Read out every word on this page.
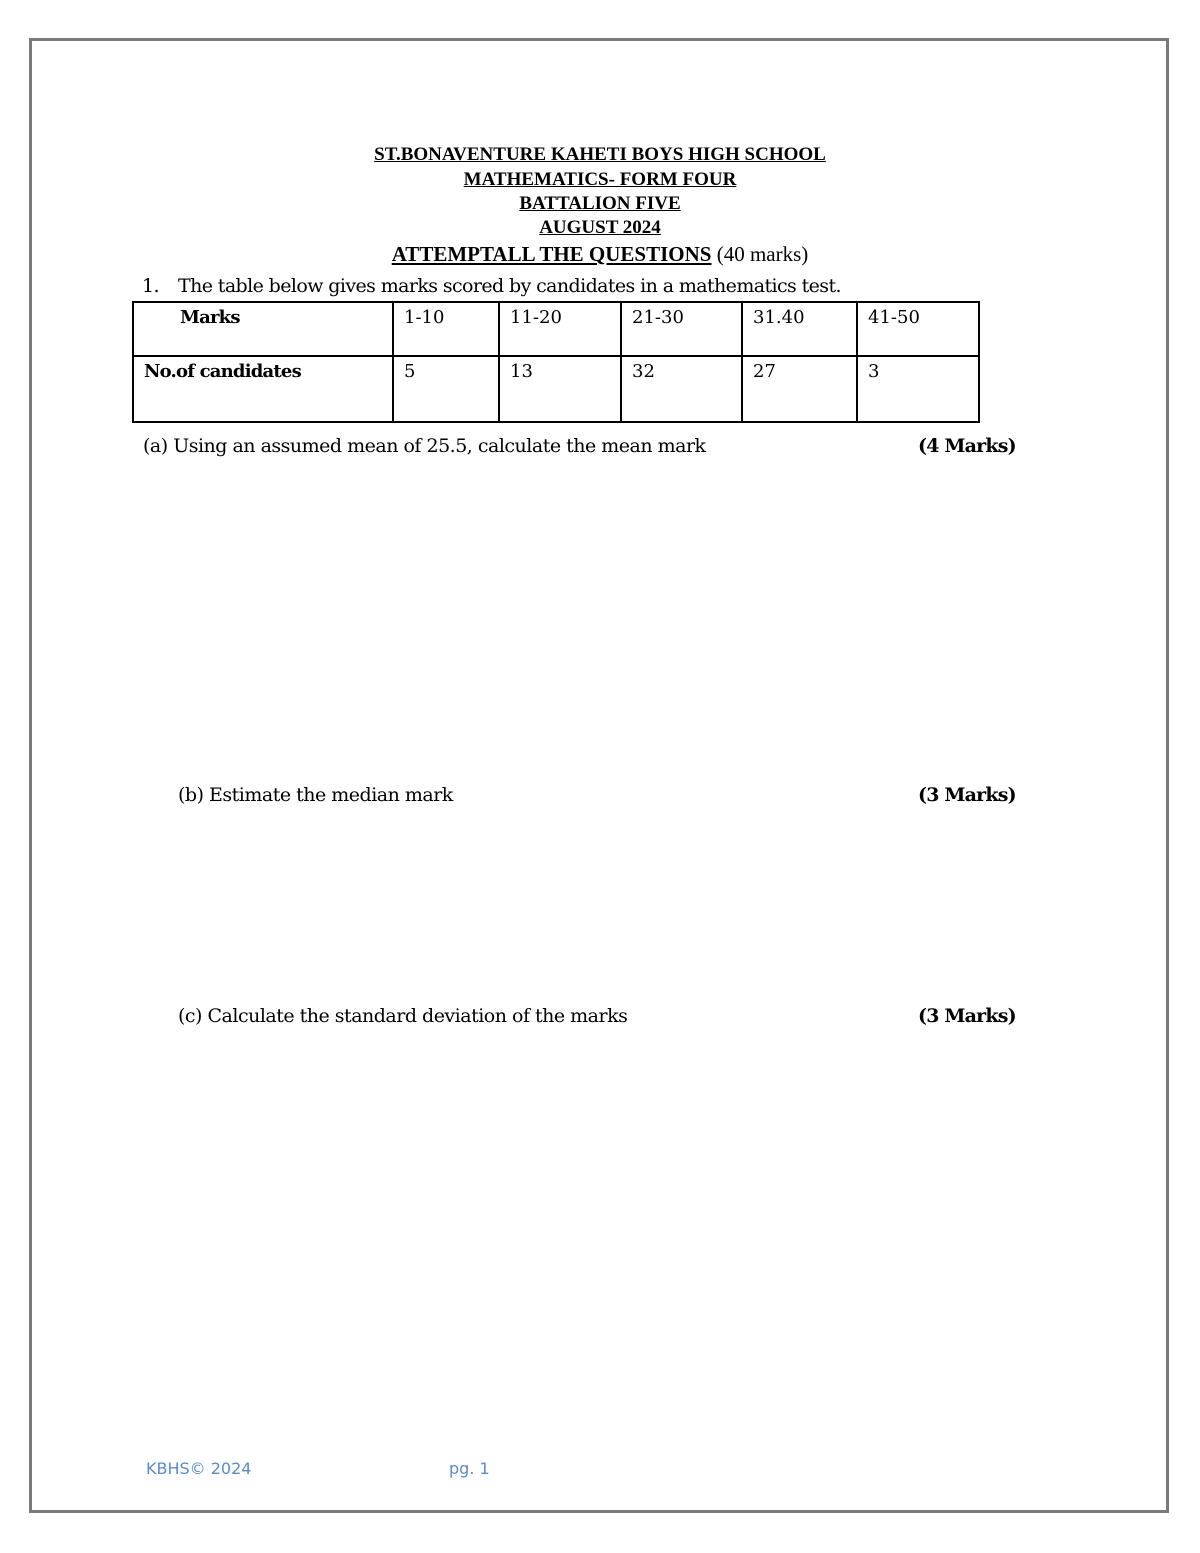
ST.BONAVENTURE KAHETI BOYS HIGH SCHOOL
MATHEMATICS- FORM FOUR
BATTALION FIVE
AUGUST 2024
ATTEMPTALL THE QUESTIONS (40 marks)
1. The table below gives marks scored by candidates in a mathematics test.
Marks	1-10	11-20	21-30	31.40	41-50
No.of candidates	5	13	32	27	3
(a) Using an assumed mean of 25.5, calculate the mean mark	(4 Marks)
(b) Estimate the median mark	(3 Marks)
(c) Calculate the standard deviation of the marks	(3 Marks)
KBHS© 2024	pg. 1
